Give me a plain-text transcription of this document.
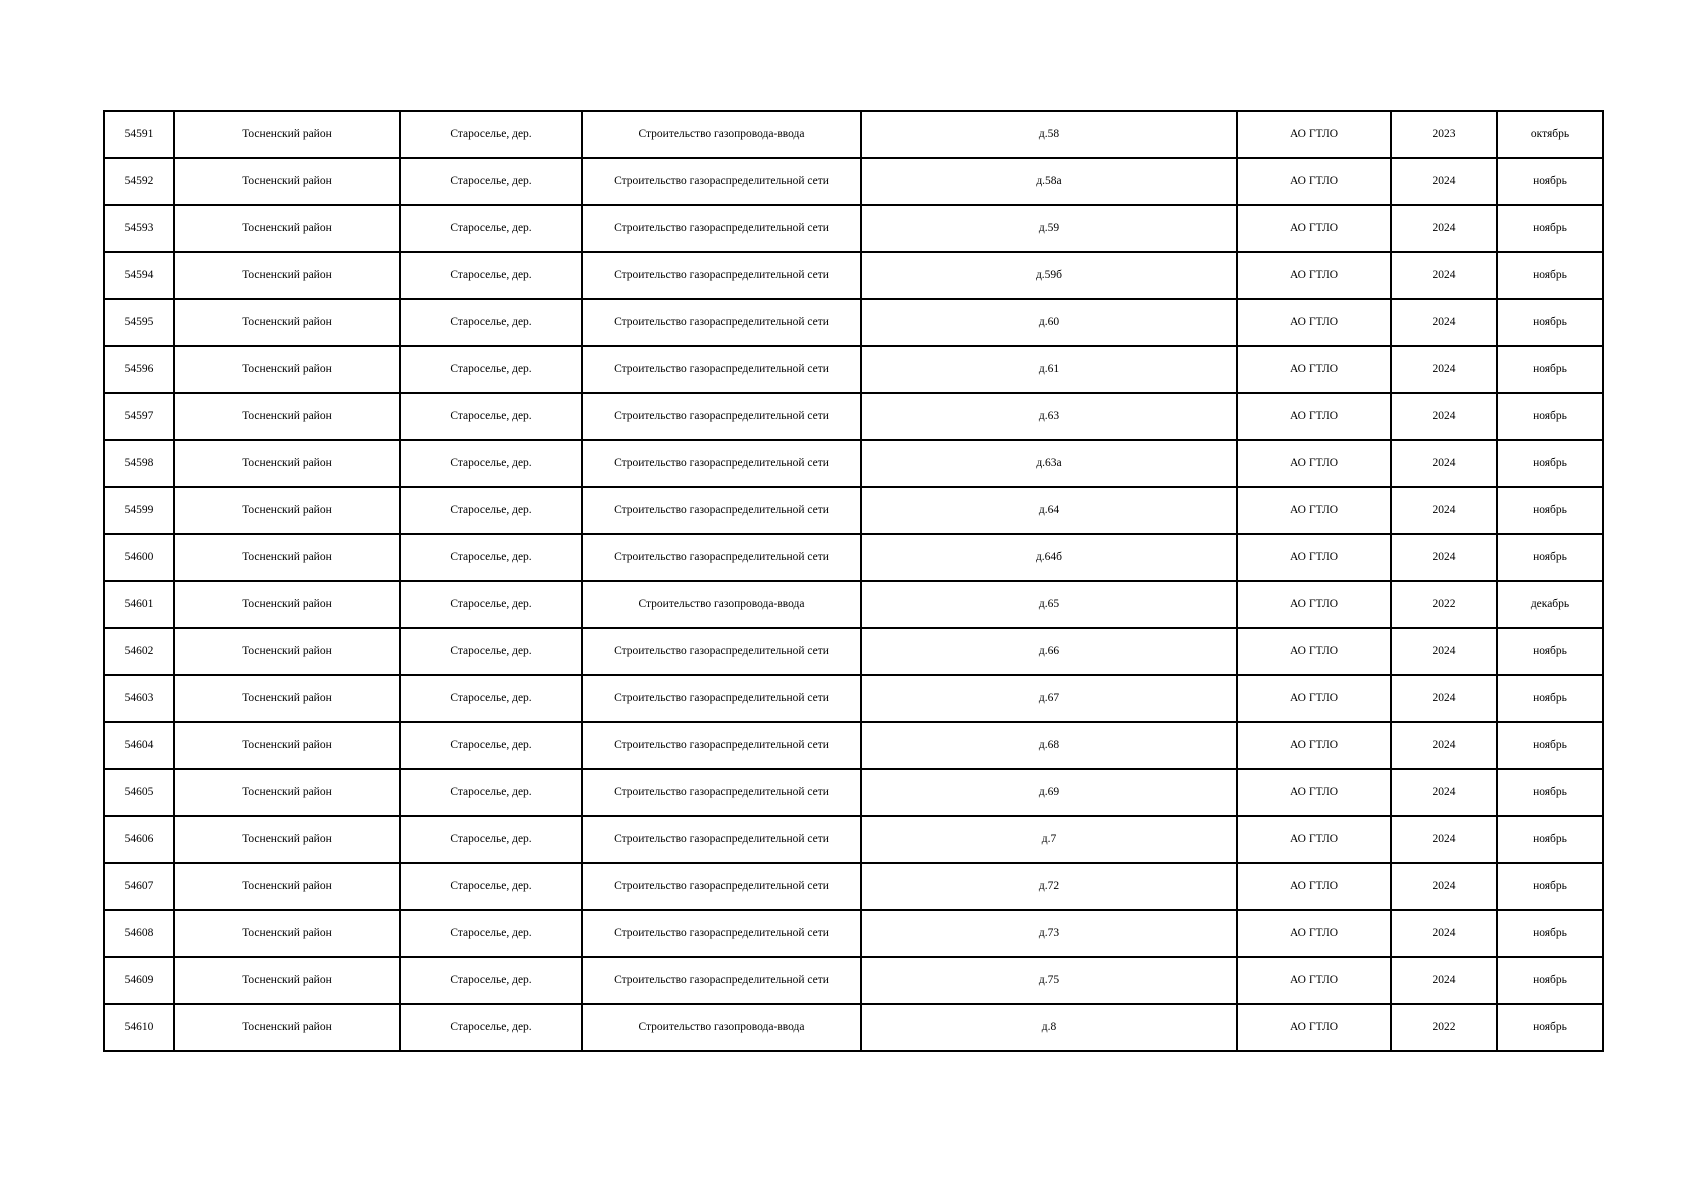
54591	Тосненский район	Староселье, дер.	Строительство газопровода-ввода	д.58	АО ГТЛО	2023	октябрь
54592	Тосненский район	Староселье, дер.	Строительство газораспределительной сети	д.58а	АО ГТЛО	2024	ноябрь
54593	Тосненский район	Староселье, дер.	Строительство газораспределительной сети	д.59	АО ГТЛО	2024	ноябрь
54594	Тосненский район	Староселье, дер.	Строительство газораспределительной сети	д.59б	АО ГТЛО	2024	ноябрь
54595	Тосненский район	Староселье, дер.	Строительство газораспределительной сети	д.60	АО ГТЛО	2024	ноябрь
54596	Тосненский район	Староселье, дер.	Строительство газораспределительной сети	д.61	АО ГТЛО	2024	ноябрь
54597	Тосненский район	Староселье, дер.	Строительство газораспределительной сети	д.63	АО ГТЛО	2024	ноябрь
54598	Тосненский район	Староселье, дер.	Строительство газораспределительной сети	д.63а	АО ГТЛО	2024	ноябрь
54599	Тосненский район	Староселье, дер.	Строительство газораспределительной сети	д.64	АО ГТЛО	2024	ноябрь
54600	Тосненский район	Староселье, дер.	Строительство газораспределительной сети	д.64б	АО ГТЛО	2024	ноябрь
54601	Тосненский район	Староселье, дер.	Строительство газопровода-ввода	д.65	АО ГТЛО	2022	декабрь
54602	Тосненский район	Староселье, дер.	Строительство газораспределительной сети	д.66	АО ГТЛО	2024	ноябрь
54603	Тосненский район	Староселье, дер.	Строительство газораспределительной сети	д.67	АО ГТЛО	2024	ноябрь
54604	Тосненский район	Староселье, дер.	Строительство газораспределительной сети	д.68	АО ГТЛО	2024	ноябрь
54605	Тосненский район	Староселье, дер.	Строительство газораспределительной сети	д.69	АО ГТЛО	2024	ноябрь
54606	Тосненский район	Староселье, дер.	Строительство газораспределительной сети	д.7	АО ГТЛО	2024	ноябрь
54607	Тосненский район	Староселье, дер.	Строительство газораспределительной сети	д.72	АО ГТЛО	2024	ноябрь
54608	Тосненский район	Староселье, дер.	Строительство газораспределительной сети	д.73	АО ГТЛО	2024	ноябрь
54609	Тосненский район	Староселье, дер.	Строительство газораспределительной сети	д.75	АО ГТЛО	2024	ноябрь
54610	Тосненский район	Староселье, дер.	Строительство газопровода-ввода	д.8	АО ГТЛО	2022	ноябрь
